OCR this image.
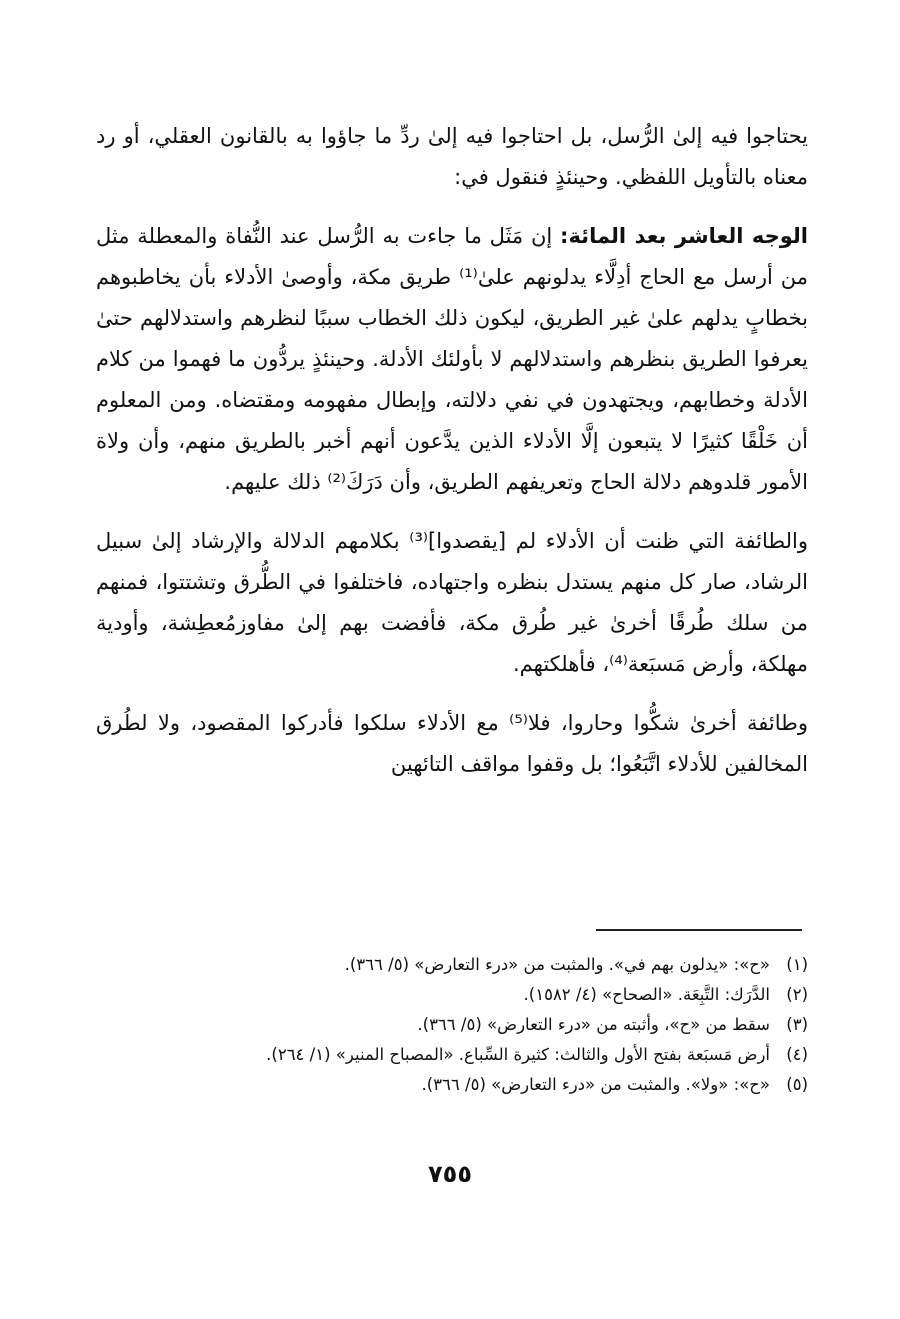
يحتاجوا فيه إلىٰ الرُّسل، بل احتاجوا فيه إلىٰ ردِّ ما جاؤوا به بالقانون العقلي، أو رد معناه بالتأويل اللفظي. وحينئذٍ فنقول في:

الوجه العاشر بعد المائة: إن مَثَل ما جاءت به الرُّسل عند النُّفاة والمعطلة مثل من أرسل مع الحاج أدِلَّاء يدلونهم علىٰ⁽¹⁾ طريق مكة، وأوصىٰ الأدلاء بأن يخاطبوهم بخطابٍ يدلهم علىٰ غير الطريق، ليكون ذلك الخطاب سببًا لنظرهم واستدلالهم حتىٰ يعرفوا الطريق بنظرهم واستدلالهم لا بأولئك الأدلة. وحينئذٍ يردُّون ما فهموا من كلام الأدلة وخطابهم، ويجتهدون في نفي دلالته، وإبطال مفهومه ومقتضاه. ومن المعلوم أن خَلْقًا كثيرًا لا يتبعون إلَّا الأدلاء الذين يدَّعون أنهم أخبر بالطريق منهم، وأن ولاة الأمور قلدوهم دلالة الحاج وتعريفهم الطريق، وأن دَرَكَ⁽²⁾ ذلك عليهم.

والطائفة التي ظنت أن الأدلاء لم [يقصدوا]⁽³⁾ بكلامهم الدلالة والإرشاد إلىٰ سبيل الرشاد، صار كل منهم يستدل بنظره واجتهاده، فاختلفوا في الطُّرق وتشتتوا، فمنهم من سلك طُرقًا أخرىٰ غير طُرق مكة، فأفضت بهم إلىٰ مفاوزمُعطِشة، وأودية مهلكة، وأرض مَسبَعة⁽⁴⁾، فأهلكتهم.

وطائفة أخرىٰ شكُّوا وحاروا، فلا⁽⁵⁾ مع الأدلاء سلكوا فأدركوا المقصود، ولا لطُرق المخالفين للأدلاء اتَّبَعُوا؛ بل وقفوا مواقف التائهين

(١)
«ح»: «يدلون بهم في». والمثبت من «درء التعارض» (٥/ ٣٦٦).
(٢)
الدَّرَك: التَّبِعَة. «الصحاح» (٤/ ١٥٨٢).
(٣)
سقط من «ح»، وأثبته من «درء التعارض» (٥/ ٣٦٦).
(٤)
أرض مَسبَعة بفتح الأول والثالث: كثيرة السِّباع. «المصباح المنير» (١/ ٢٦٤).
(٥)
«ح»: «ولا». والمثبت من «درء التعارض» (٥/ ٣٦٦).
٧٥٥
